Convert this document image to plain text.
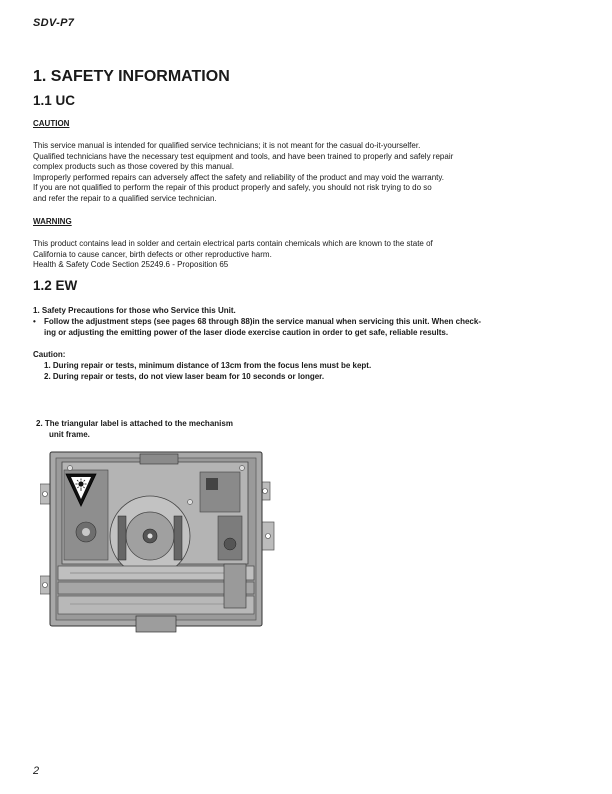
SDV-P7
1. SAFETY INFORMATION
1.1 UC
CAUTION
This service manual is intended for qualified service technicians; it is not meant for the casual do-it-yourselfer.
Qualified technicians have the necessary test equipment and tools, and have been trained to properly and safely repair
complex products such as those covered by this manual.
Improperly performed repairs can adversely affect the safety and reliability of the product and may void the warranty.
If you are not qualified to perform the repair of this product properly and safely, you should not risk trying to do so
and refer the repair to a qualified service technician.
WARNING
This product contains lead in solder and certain electrical parts contain chemicals which are known to the state of
California to cause cancer, birth defects or other reproductive harm.
Health & Safety Code Section 25249.6 - Proposition 65
1.2 EW
1. Safety Precautions for those who Service this Unit.
• Follow the adjustment steps (see pages 68 through 88)in the service manual when servicing this unit. When check-
ing or adjusting the emitting power of the laser diode exercise caution in order to get safe, reliable results.
Caution:
1. During repair or tests, minimum distance of 13cm from the focus lens must be kept.
2. During repair or tests, do not view laser beam for 10 seconds or longer.
2. The triangular label is attached to the mechanism
unit frame.
2
